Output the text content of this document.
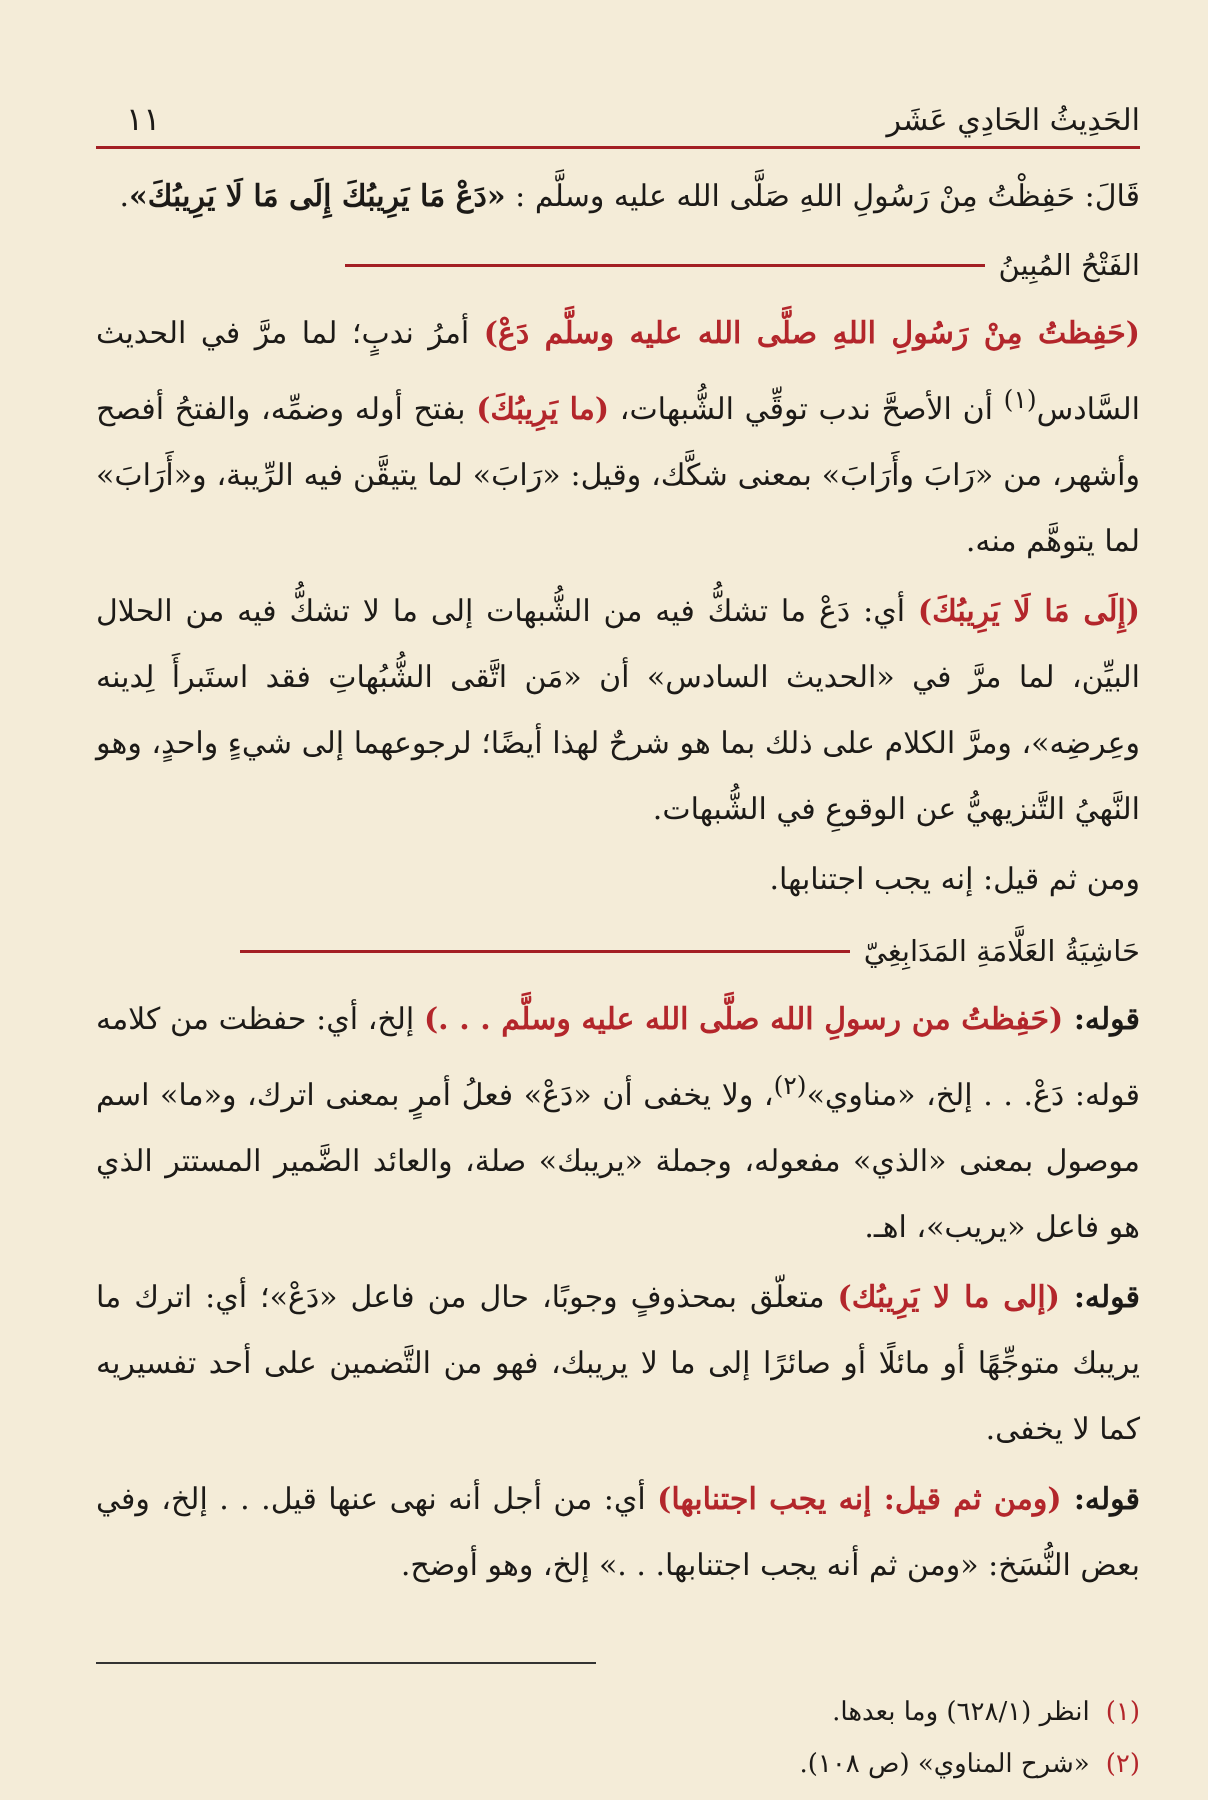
الحَدِيثُ الحَادِي عَشَر
١١
قَالَ: حَفِظْتُ مِنْ رَسُولِ اللهِ صَلَّى الله عليه وسلَّم : «دَعْ مَا يَرِيبُكَ إِلَى مَا لَا يَرِيبُكَ».
الفَتْحُ المُبِينُ

(حَفِظتُ مِنْ رَسُولِ اللهِ صلَّى الله عليه وسلَّم دَعْ) أمرُ ندبٍ؛ لما مرَّ في الحديث السَّادس$^{(١)}$ أن الأصحَّ ندب توقِّي الشُّبهات، (ما يَرِيبُكَ) بفتح أوله وضمِّه، والفتحُ أفصح وأشهر، من «رَابَ وأَرَابَ» بمعنى شكَّك، وقيل: «رَابَ» لما يتيقَّن فيه الرِّيبة، و«أَرَابَ» لما يتوهَّم منه.

(إِلَى مَا لَا يَرِيبُكَ) أي: دَعْ ما تشكُّ فيه من الشُّبهات إلى ما لا تشكُّ فيه من الحلال البيِّن، لما مرَّ في «الحديث السادس» أن «مَن اتَّقى الشُّبُهاتِ فقد استَبرأَ لِدينه وعِرضِه»، ومرَّ الكلام على ذلك بما هو شرحٌ لهذا أيضًا؛ لرجوعهما إلى شيءٍ واحدٍ، وهو النَّهيُ التَّنزيهيُّ عن الوقوعِ في الشُّبهات.

ومن ثم قيل: إنه يجب اجتنابها.

حَاشِيَةُ العَلَّامَةِ المَدَابِغِيّ

قوله: (حَفِظتُ من رسولِ الله صلَّى الله عليه وسلَّم . . .) إلخ، أي: حفظت من كلامه قوله: دَعْ. . . إلخ، «مناوي»$^{(٢)}$، ولا يخفى أن «دَعْ» فعلُ أمرٍ بمعنى اترك، و«ما» اسم موصول بمعنى «الذي» مفعوله، وجملة «يريبك» صلة، والعائد الضَّمير المستتر الذي هو فاعل «يريب»، اهـ.

قوله: (إلى ما لا يَرِيبُك) متعلّق بمحذوفٍ وجوبًا، حال من فاعل «دَعْ»؛ أي: اترك ما يريبك متوجِّهًا أو مائلًا أو صائرًا إلى ما لا يريبك، فهو من التَّضمين على أحد تفسيريه كما لا يخفى.

قوله: (ومن ثم قيل: إنه يجب اجتنابها) أي: من أجل أنه نهى عنها قيل. . . إلخ، وفي بعض النُّسَخ: «ومن ثم أنه يجب اجتنابها. . .» إلخ، وهو أوضح.

(١)
انظر (٦٢٨/١) وما بعدها.
(٢)
«شرح المناوي» (ص ١٠٨).
